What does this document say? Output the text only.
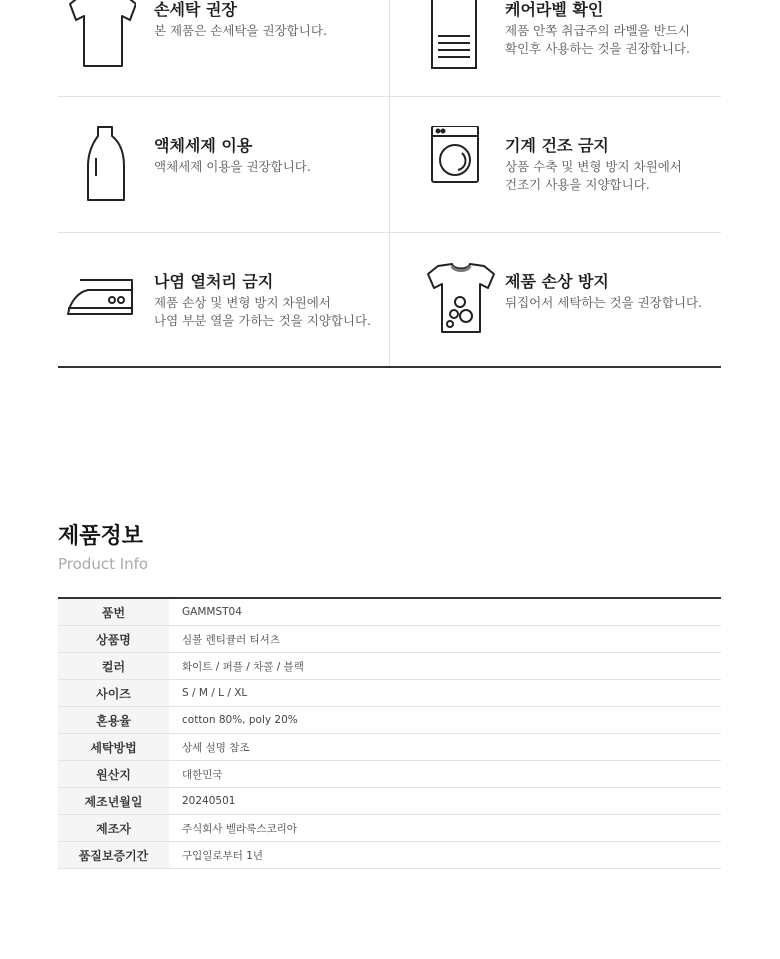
손세탁 권장
본 제품은 손세탁을 권장합니다.
케어라벨 확인
제품 안쪽 취급주의 라벨을 반드시
확인후 사용하는 것을 권장합니다.
액체세제 이용
액체세제 이용을 권장합니다.
기계 건조 금지
상품 수축 및 변형 방지 차원에서
건조기 사용을 지양합니다.
나염 열처리 금지
제품 손상 및 변형 방지 차원에서
나염 부분 열을 가하는 것을 지양합니다.
제품 손상 방지
뒤집어서 세탁하는 것을 권장합니다.
제품정보
Product Info
품번	GAMMST04
상품명	심볼 렌티큘러 티셔츠
컬러	화이트 / 퍼플 / 차콜 / 블랙
사이즈	S / M / L / XL
혼용율	cotton 80%, poly 20%
세탁방법	상세 설명 참조
원산지	대한민국
제조년월일	20240501
제조자	주식회사 벨라룩스코리아
품질보증기간	구입일로부터 1년
